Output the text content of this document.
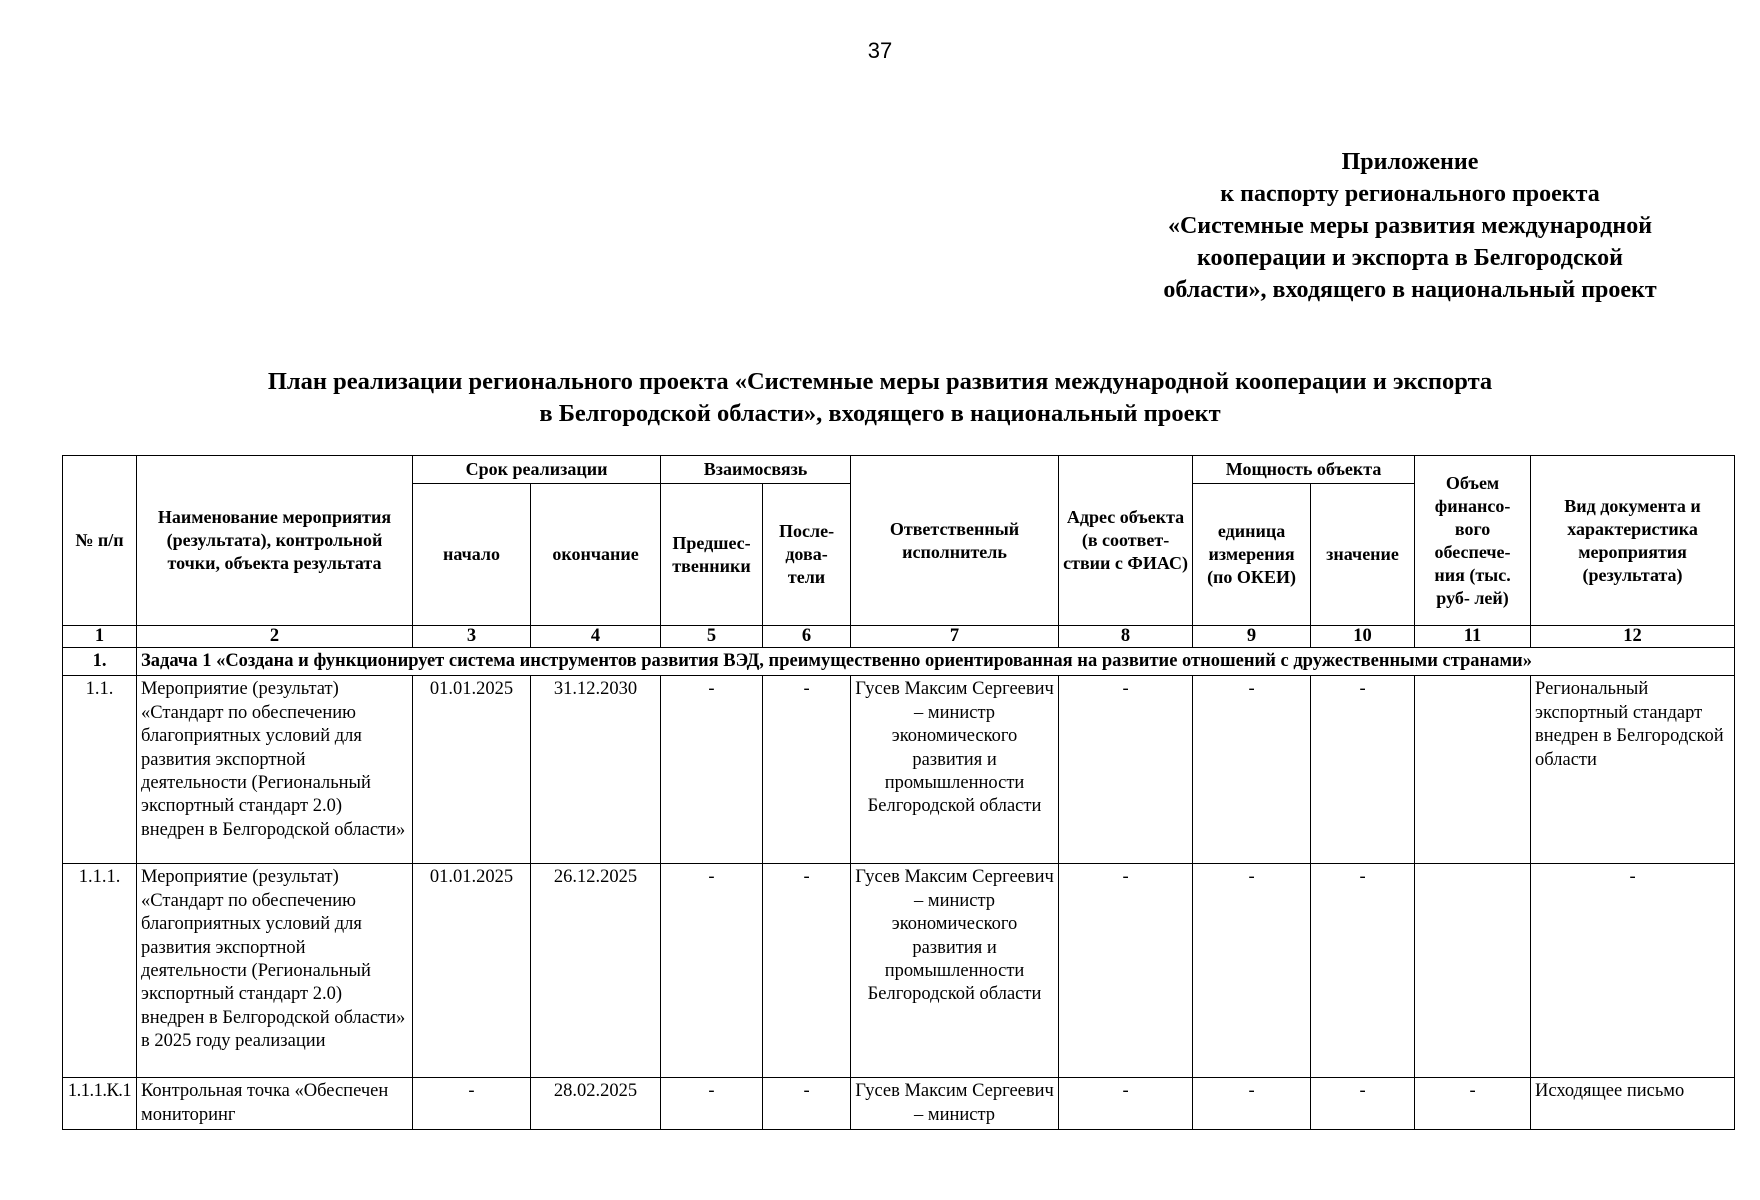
37
Приложение
к паспорту регионального проекта
«Системные меры развития международной
кооперации и экспорта в Белгородской
области», входящего в национальный проект
План реализации регионального проекта «Системные меры развития международной кооперации и экспорта
в Белгородской области», входящего в национальный проект
№ п/п	Наименование мероприятия (результата), контрольной точки, объекта результата	Срок реализации		Взаимосвязь		Ответственный исполнитель	Адрес объекта (в соответ- ствии с ФИАС)	Мощность объекта		Объем финансо- вого обеспече- ния (тыс. руб- лей)	Вид документа и характеристика мероприятия (результата)
		начало	окончание	Предшес- твенники	После- дова- тели			единица измерения (по ОКЕИ)	значение		
1	2	3	4	5	6	7	8	9	10	11	12
1.	Задача 1 «Создана и функционирует система инструментов развития ВЭД, преимущественно ориентированная на развитие отношений с дружественными странами»										
1.1.	Мероприятие (результат) «Стандарт по обеспечению благоприятных условий для развития экспортной деятельности (Региональный экспортный стандарт 2.0) внедрен в Белгородской области»	01.01.2025	31.12.2030	-	-	Гусев Максим Сергеевич – министр экономического развития и промышленности Белгородской области	-	-	-		Региональный экспортный стандарт внедрен в Белгородской области
1.1.1.	Мероприятие (результат) «Стандарт по обеспечению благоприятных условий для развития экспортной деятельности (Региональный экспортный стандарт 2.0) внедрен в Белгородской области» в 2025 году реализации	01.01.2025	26.12.2025	-	-	Гусев Максим Сергеевич – министр экономического развития и промышленности Белгородской области	-	-	-		-
1.1.1.К.1	Контрольная точка «Обеспечен мониторинг	-	28.02.2025	-	-	Гусев Максим Сергеевич – министр	-	-	-	-	Исходящее письмо
